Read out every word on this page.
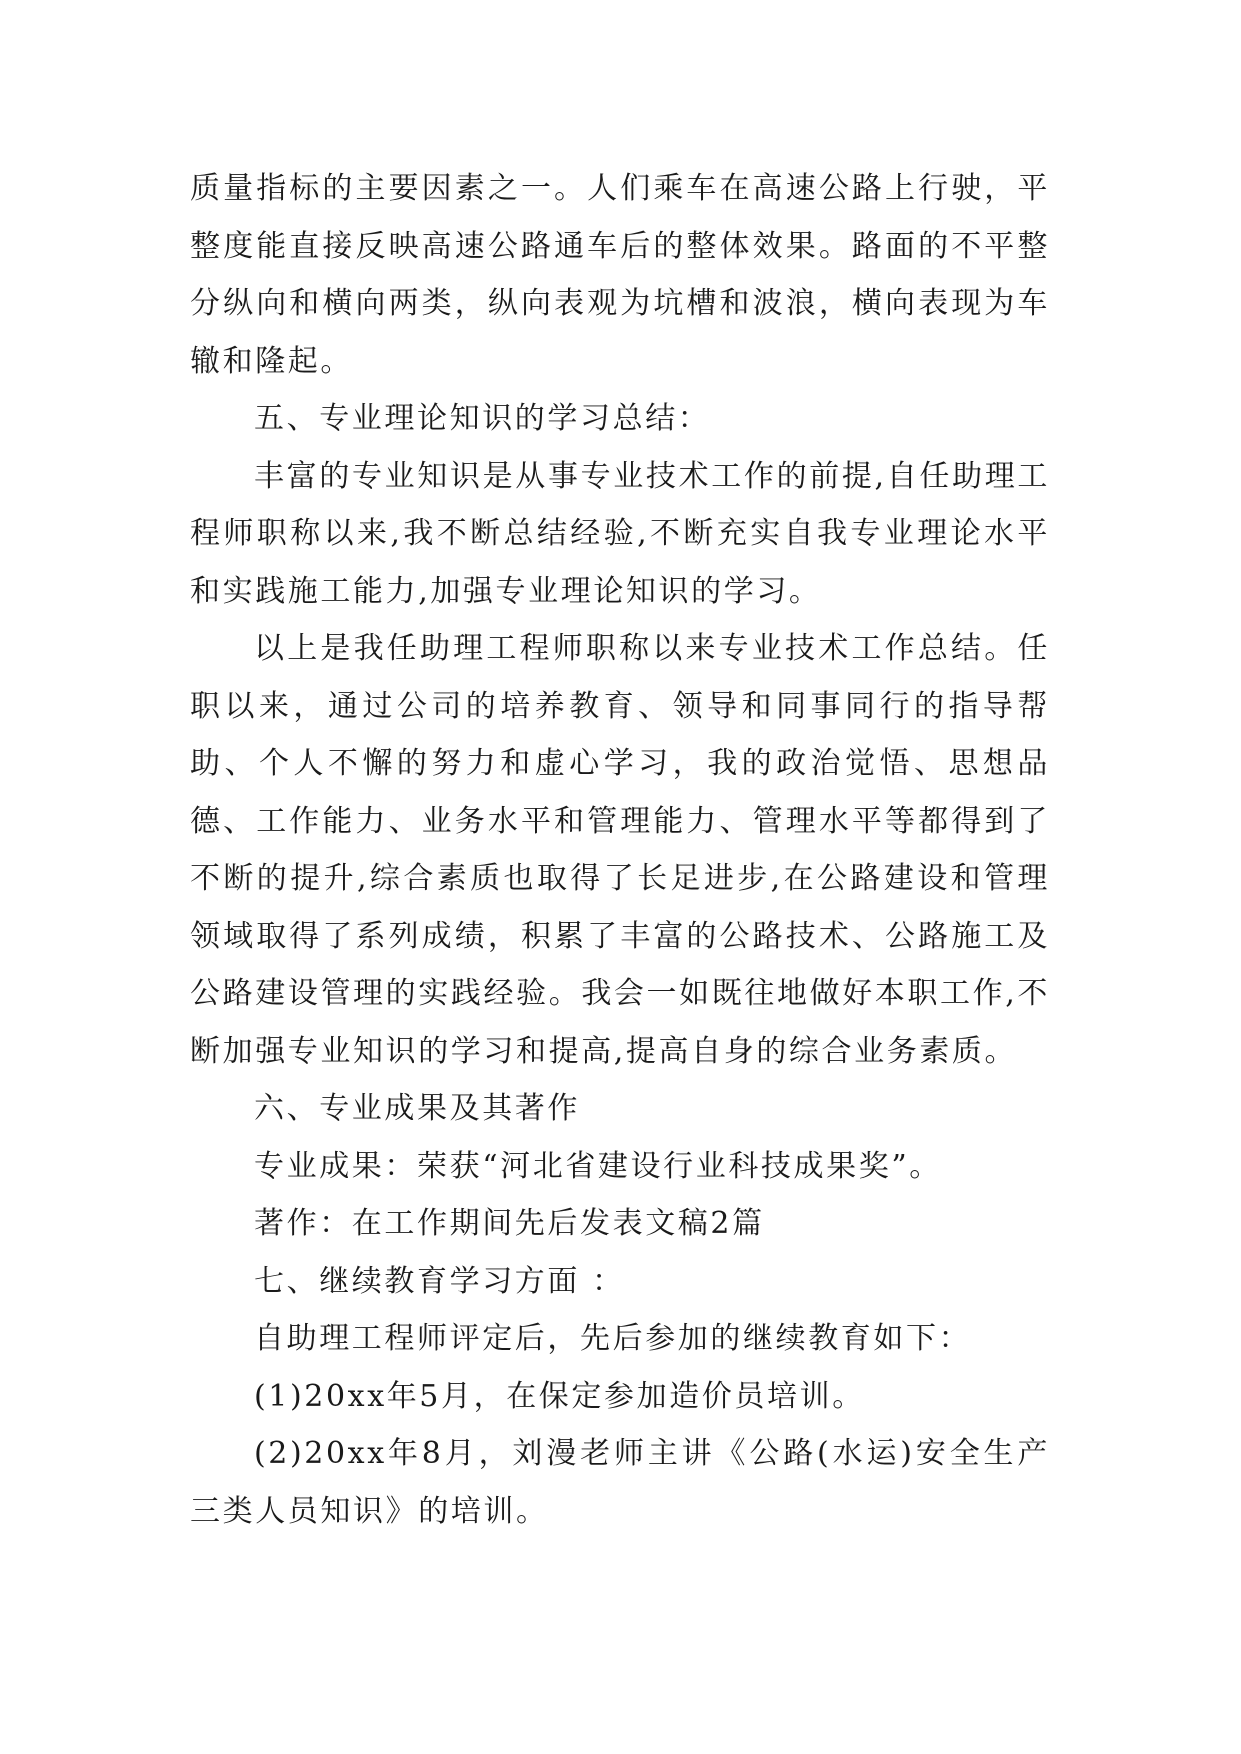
质量指标的主要因素之一。人们乘车在高速公路上行驶，平整度能直接反映高速公路通车后的整体效果。路面的不平整分纵向和横向两类，纵向表观为坑槽和波浪，横向表现为车辙和隆起。

五、专业理论知识的学习总结：

丰富的专业知识是从事专业技术工作的前提,自任助理工程师职称以来,我不断总结经验,不断充实自我专业理论水平和实践施工能力,加强专业理论知识的学习。

以上是我任助理工程师职称以来专业技术工作总结。任职以来，通过公司的培养教育、领导和同事同行的指导帮助、个人不懈的努力和虚心学习，我的政治觉悟、思想品德、工作能力、业务水平和管理能力、管理水平等都得到了不断的提升,综合素质也取得了长足进步,在公路建设和管理领域取得了系列成绩，积累了丰富的公路技术、公路施工及公路建设管理的实践经验。我会一如既往地做好本职工作,不断加强专业知识的学习和提高,提高自身的综合业务素质。

六、专业成果及其著作

专业成果：荣获“河北省建设行业科技成果奖”。

著作：在工作期间先后发表文稿2篇

七、继续教育学习方面 ：

自助理工程师评定后，先后参加的继续教育如下：

(1)20xx年5月，在保定参加造价员培训。

(2)20xx年8月，刘漫老师主讲《公路(水运)安全生产三类人员知识》的培训。
